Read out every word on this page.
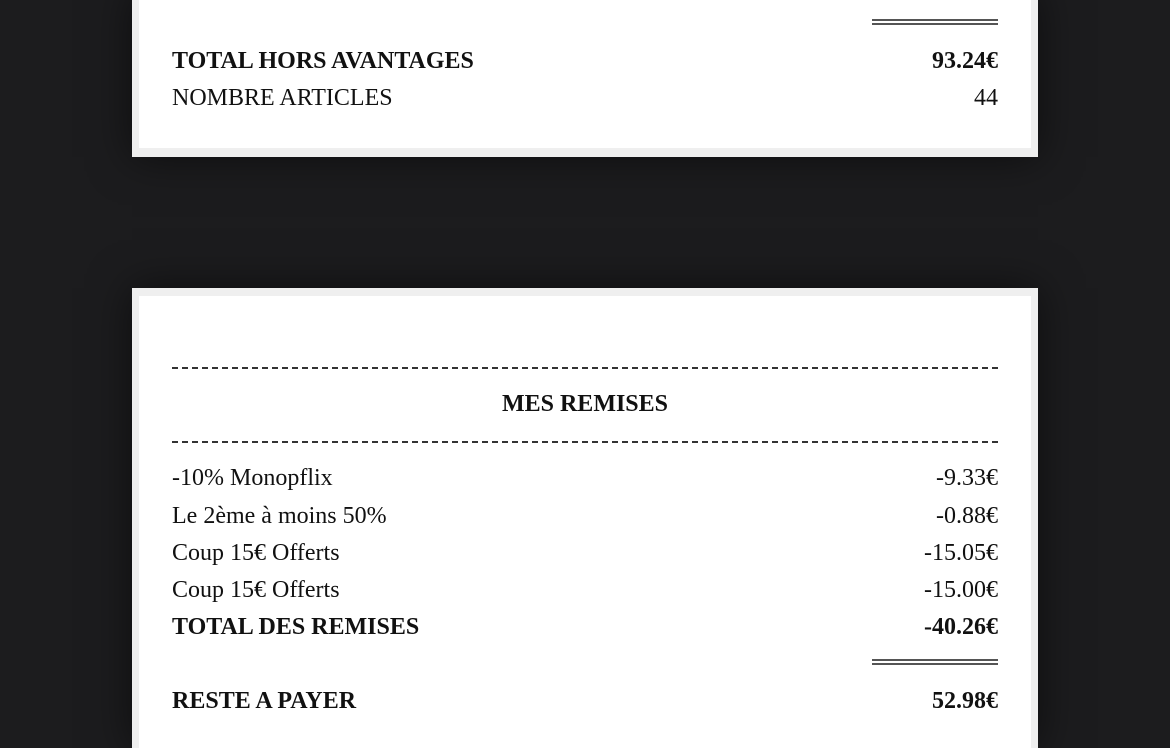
TOTAL HORS AVANTAGES	93.24€
NOMBRE ARTICLES	44
MES REMISES
-10% Monopflix	-9.33€
Le 2ème à moins 50%	-0.88€
Coup 15€ Offerts	-15.05€
Coup 15€ Offerts	-15.00€
TOTAL DES REMISES	-40.26€
RESTE A PAYER	52.98€
